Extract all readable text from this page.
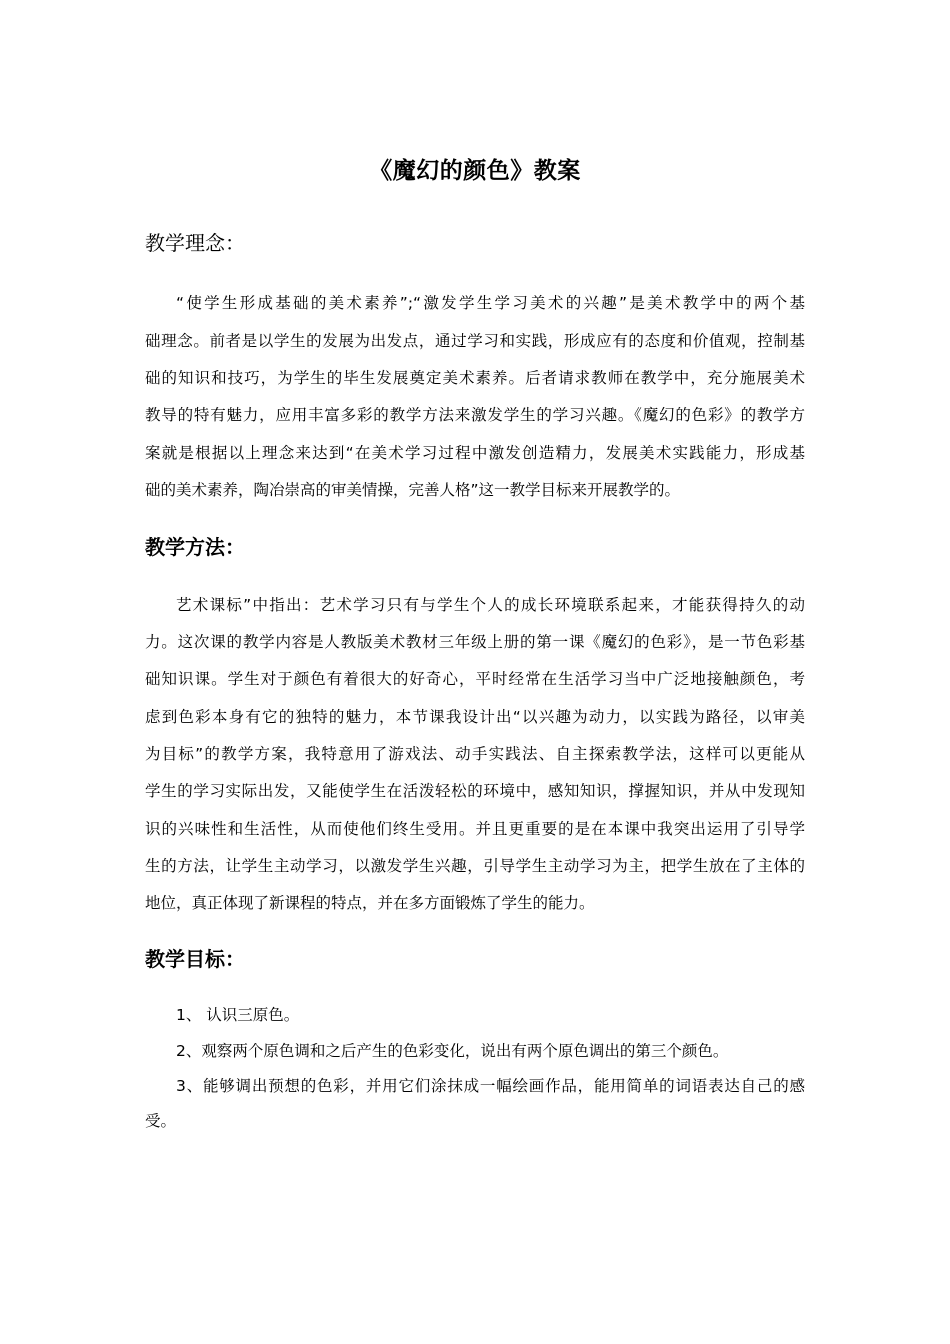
《魔幻的颜色》教案
教学理念：
“使学生形成基础的美术素养”;“激发学生学习美术的兴趣”是美术教学中的两个基
础理念。前者是以学生的发展为出发点，通过学习和实践，形成应有的态度和价值观，控制基
础的知识和技巧，为学生的毕生发展奠定美术素养。后者请求教师在教学中，充分施展美术
教导的特有魅力，应用丰富多彩的教学方法来激发学生的学习兴趣。《魔幻的色彩》的教学方
案就是根据以上理念来达到“在美术学习过程中激发创造精力，发展美术实践能力，形成基
础的美术素养，陶冶崇高的审美情操，完善人格”这一教学目标来开展教学的。
教学方法：
艺术课标”中指出：艺术学习只有与学生个人的成长环境联系起来，才能获得持久的动
力。这次课的教学内容是人教版美术教材三年级上册的第一课《魔幻的色彩》，是一节色彩基
础知识课。学生对于颜色有着很大的好奇心，平时经常在生活学习当中广泛地接触颜色，考
虑到色彩本身有它的独特的魅力，本节课我设计出“以兴趣为动力，以实践为路径，以审美
为目标”的教学方案，我特意用了游戏法、动手实践法、自主探索教学法，这样可以更能从
学生的学习实际出发，又能使学生在活泼轻松的环境中，感知知识，撑握知识，并从中发现知
识的兴味性和生活性，从而使他们终生受用。并且更重要的是在本课中我突出运用了引导学
生的方法，让学生主动学习，以激发学生兴趣，引导学生主动学习为主，把学生放在了主体的
地位，真正体现了新课程的特点，并在多方面锻炼了学生的能力。
教学目标：
1、 认识三原色。
2、观察两个原色调和之后产生的色彩变化，说出有两个原色调出的第三个颜色。
3、能够调出预想的色彩，并用它们涂抹成一幅绘画作品，能用简单的词语表达自己的感
受。
